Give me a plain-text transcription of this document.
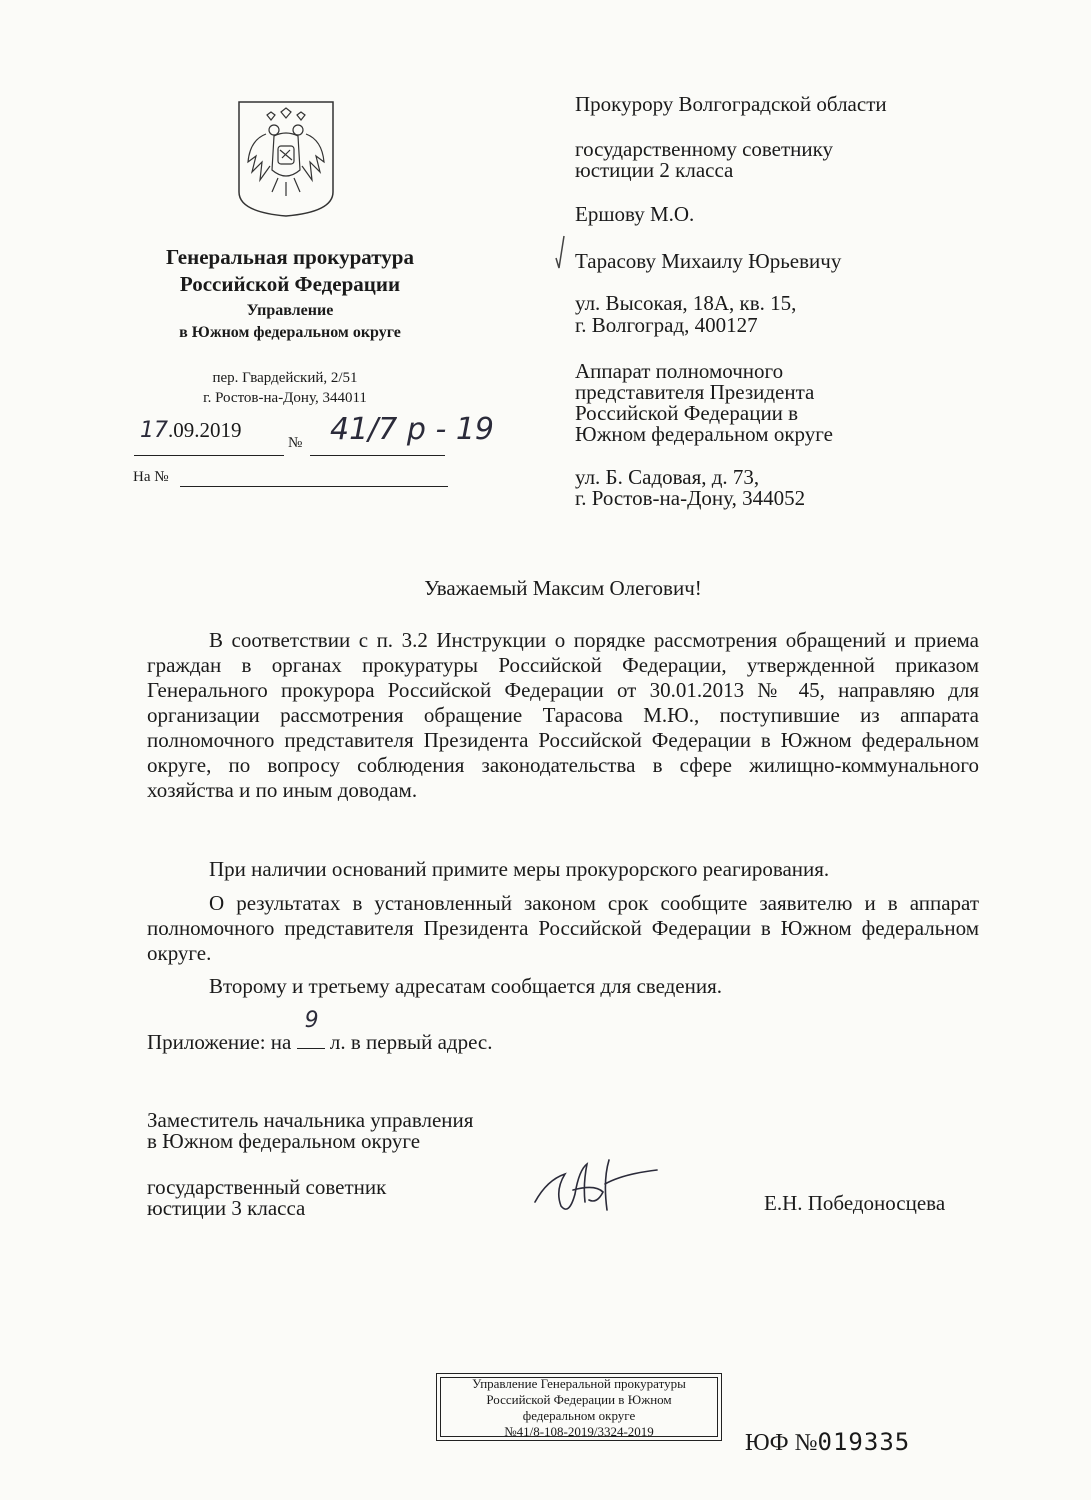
Генеральная прокуратура
Российской Федерации
Управление
в Южном федеральном округе
пер. Гвардейский, 2/51
г. Ростов-на-Дону, 344011
17.09.2019
№ 41/7 р - 19
На №
Прокурору Волгоградской области
государственному советнику
юстиции 2 класса
Ершову М.О.
Тарасову Михаилу Юрьевичу
ул. Высокая, 18А, кв. 15,
г. Волгоград, 400127
Аппарат полномочного
представителя Президента
Российской Федерации в
Южном федеральном округе
ул. Б. Садовая, д. 73,
г. Ростов-на-Дону, 344052
Уважаемый Максим Олегович!
В соответствии с п. 3.2 Инструкции о порядке рассмотрения обращений и приема граждан в органах прокуратуры Российской Федерации, утвержденной приказом Генерального прокурора Российской Федерации от 30.01.2013 № 45, направляю для организации рассмотрения обращение Тарасова М.Ю., поступившие из аппарата полномочного представителя Президента Российской Федерации в Южном федеральном округе, по вопросу соблюдения законодательства в сфере жилищно-коммунального хозяйства и по иным доводам.
При наличии оснований примите меры прокурорского реагирования.
О результатах в установленный законом срок сообщите заявителю и в аппарат полномочного представителя Президента Российской Федерации в Южном федеральном округе.
Второму и третьему адресатам сообщается для сведения.
Приложение: на
9
л. в первый адрес.
Заместитель начальника управления
в Южном федеральном округе
государственный советник
юстиции 3 класса	Е.Н. Победоносцева
Управление Генеральной прокуратуры
Российской Федерации в Южном
федеральном округе
№41/8-108-2019/3324-2019	ЮФ №019335
